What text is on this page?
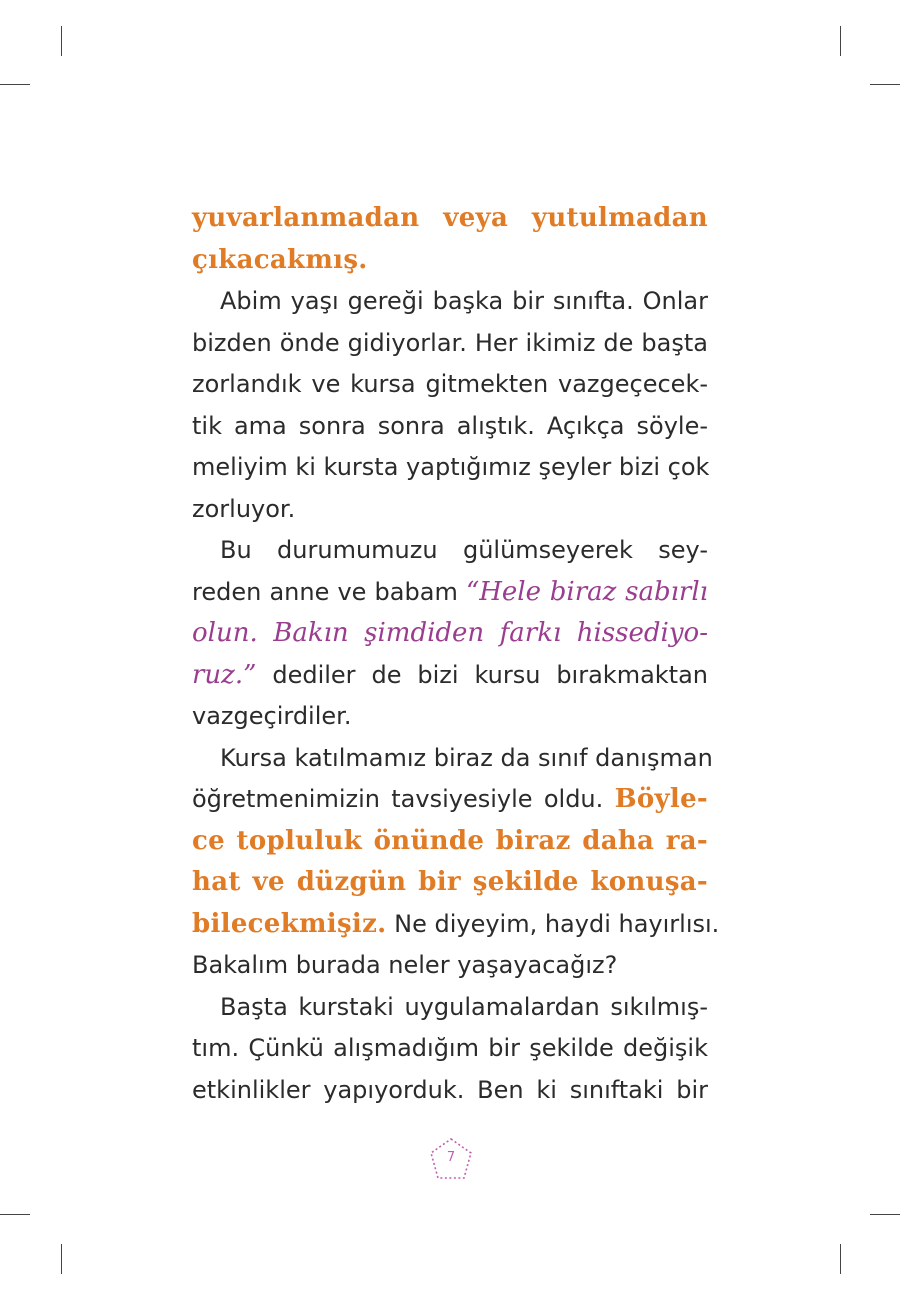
yuvarlanmadan veya yutulmadan
çıkacakmış.
Abim yaşı gereği başka bir sınıfta. Onlar
bizden önde gidiyorlar. Her ikimiz de başta
zorlandık ve kursa gitmekten vazgeçecek-
tik ama sonra sonra alıştık. Açıkça söyle-
meliyim ki kursta yaptığımız şeyler bizi çok
zorluyor.
Bu durumumuzu gülümseyerek sey-
reden anne ve babam “Hele biraz sabırlı
olun. Bakın şimdiden farkı hissediyo-
ruz.” dediler de bizi kursu bırakmaktan
vazgeçirdiler.
Kursa katılmamız biraz da sınıf danışman
öğretmenimizin tavsiyesiyle oldu. Böyle-
ce topluluk önünde biraz daha ra-
hat ve düzgün bir şekilde konuşa-
bilecekmişiz. Ne diyeyim, haydi hayırlısı.
Bakalım burada neler yaşayacağız?
Başta kurstaki uygulamalardan sıkılmış-
tım. Çünkü alışmadığım bir şekilde değişik
etkinlikler yapıyorduk. Ben ki sınıftaki bir
7
